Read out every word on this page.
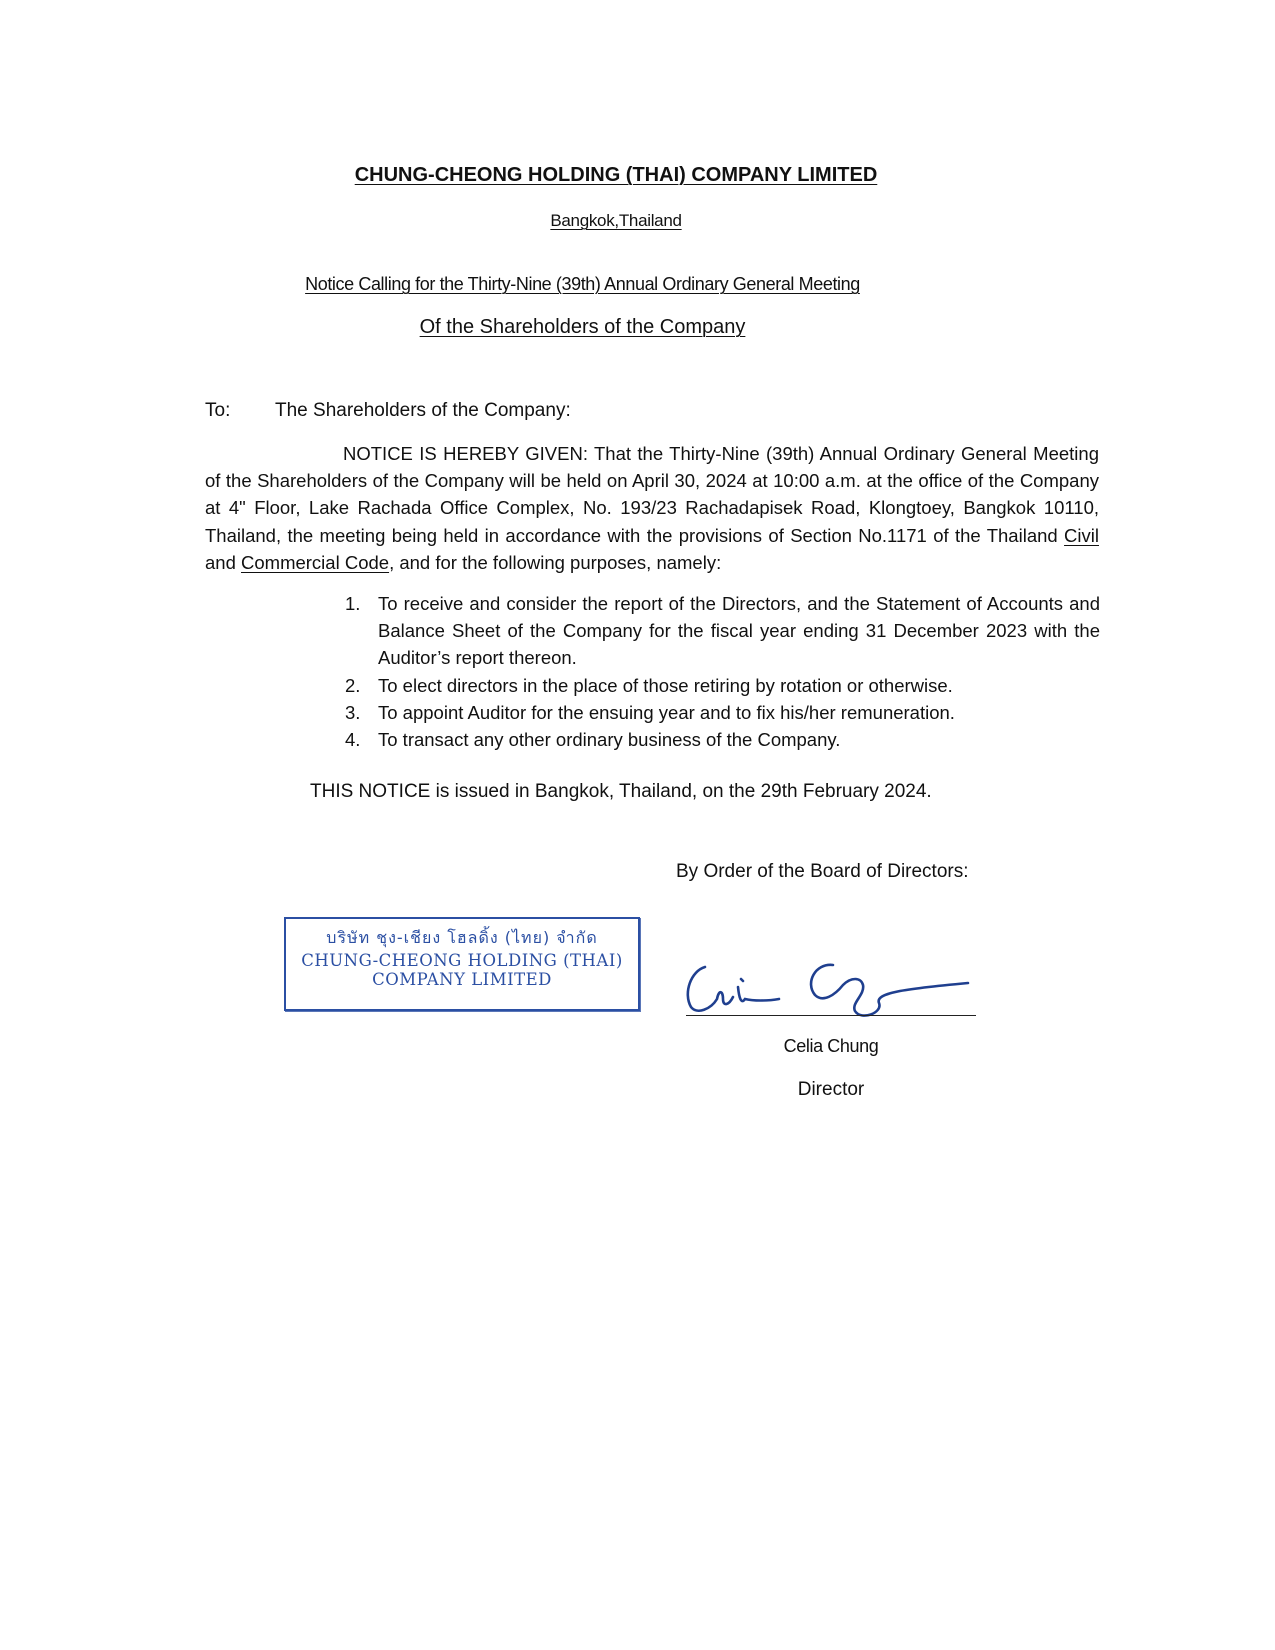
CHUNG-CHEONG HOLDING (THAI) COMPANY LIMITED
Bangkok,Thailand
Notice Calling for the Thirty-Nine (39th) Annual Ordinary General Meeting
Of the Shareholders of the Company
To: The Shareholders of the Company:
NOTICE IS HEREBY GIVEN: That the Thirty-Nine (39th) Annual Ordinary General Meeting of the Shareholders of the Company will be held on April 30, 2024 at 10:00 a.m. at the office of the Company at 4" Floor, Lake Rachada Office Complex, No. 193/23 Rachadapisek Road, Klongtoey, Bangkok 10110, Thailand, the meeting being held in accordance with the provisions of Section No.1171 of the Thailand Civil and Commercial Code, and for the following purposes, namely:
1. To receive and consider the report of the Directors, and the Statement of Accounts and Balance Sheet of the Company for the fiscal year ending 31 December 2023 with the Auditor’s report thereon.
2. To elect directors in the place of those retiring by rotation or otherwise.
3. To appoint Auditor for the ensuing year and to fix his/her remuneration.
4. To transact any other ordinary business of the Company.
THIS NOTICE is issued in Bangkok, Thailand, on the 29th February 2024.
By Order of the Board of Directors:
บริษัท ชุง-เชียง โฮลดิ้ง (ไทย) จำกัด
CHUNG-CHEONG HOLDING (THAI)
COMPANY LIMITED
Celia Chung
Director
